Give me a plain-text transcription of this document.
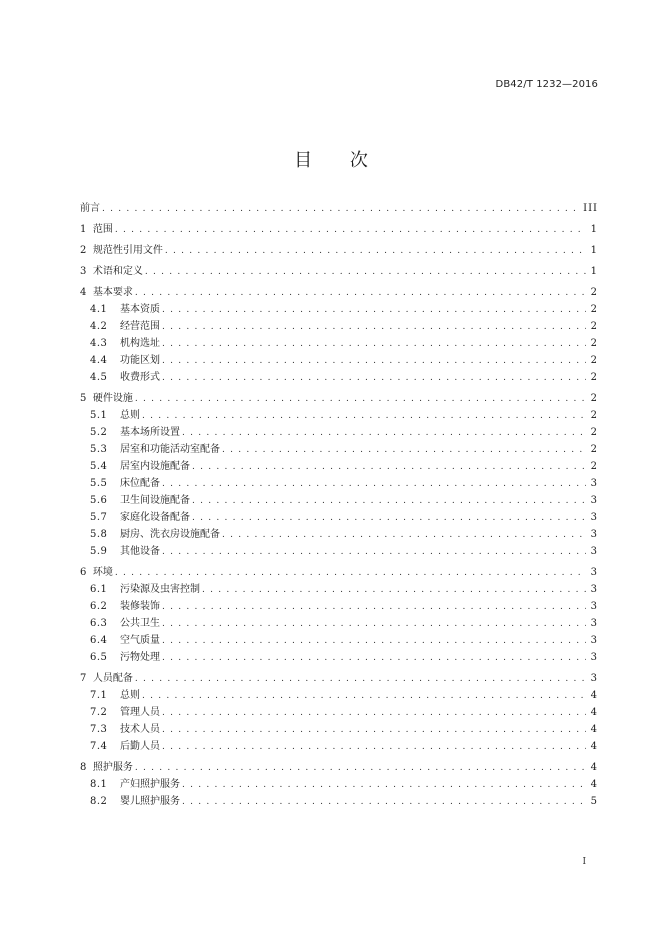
DB42/T 1232—2016
目 次
前言 . . .	III
1 范围 . . .	1
2 规范性引用文件 . . .	1
3 术语和定义 . . .	1
4 基本要求 . . .	2
4.1	基本资质 . . .	2
4.2	经营范围 . . .	2
4.3	机构选址 . . .	2
4.4	功能区划 . . .	2
4.5	收费形式 . . .	2
5 硬件设施 . . .	2
5.1	总则 . . .	2
5.2	基本场所设置 . . .	2
5.3	居室和功能活动室配备 . . .	2
5.4	居室内设施配备 . . .	2
5.5	床位配备 . . .	3
5.6	卫生间设施配备 . . .	3
5.7	家庭化设备配备 . . .	3
5.8	厨房、洗衣房设施配备 . . .	3
5.9	其他设备 . . .	3
6 环境 . . .	3
6.1	污染源及虫害控制 . . .	3
6.2	装修装饰 . . .	3
6.3	公共卫生 . . .	3
6.4	空气质量 . . .	3
6.5	污物处理 . . .	3
7 人员配备 . . .	3
7.1	总则 . . .	4
7.2	管理人员 . . .	4
7.3	技术人员 . . .	4
7.4	后勤人员 . . .	4
8 照护服务 . . .	4
8.1	产妇照护服务 . . .	4
8.2	婴儿照护服务 . . .	5
I
